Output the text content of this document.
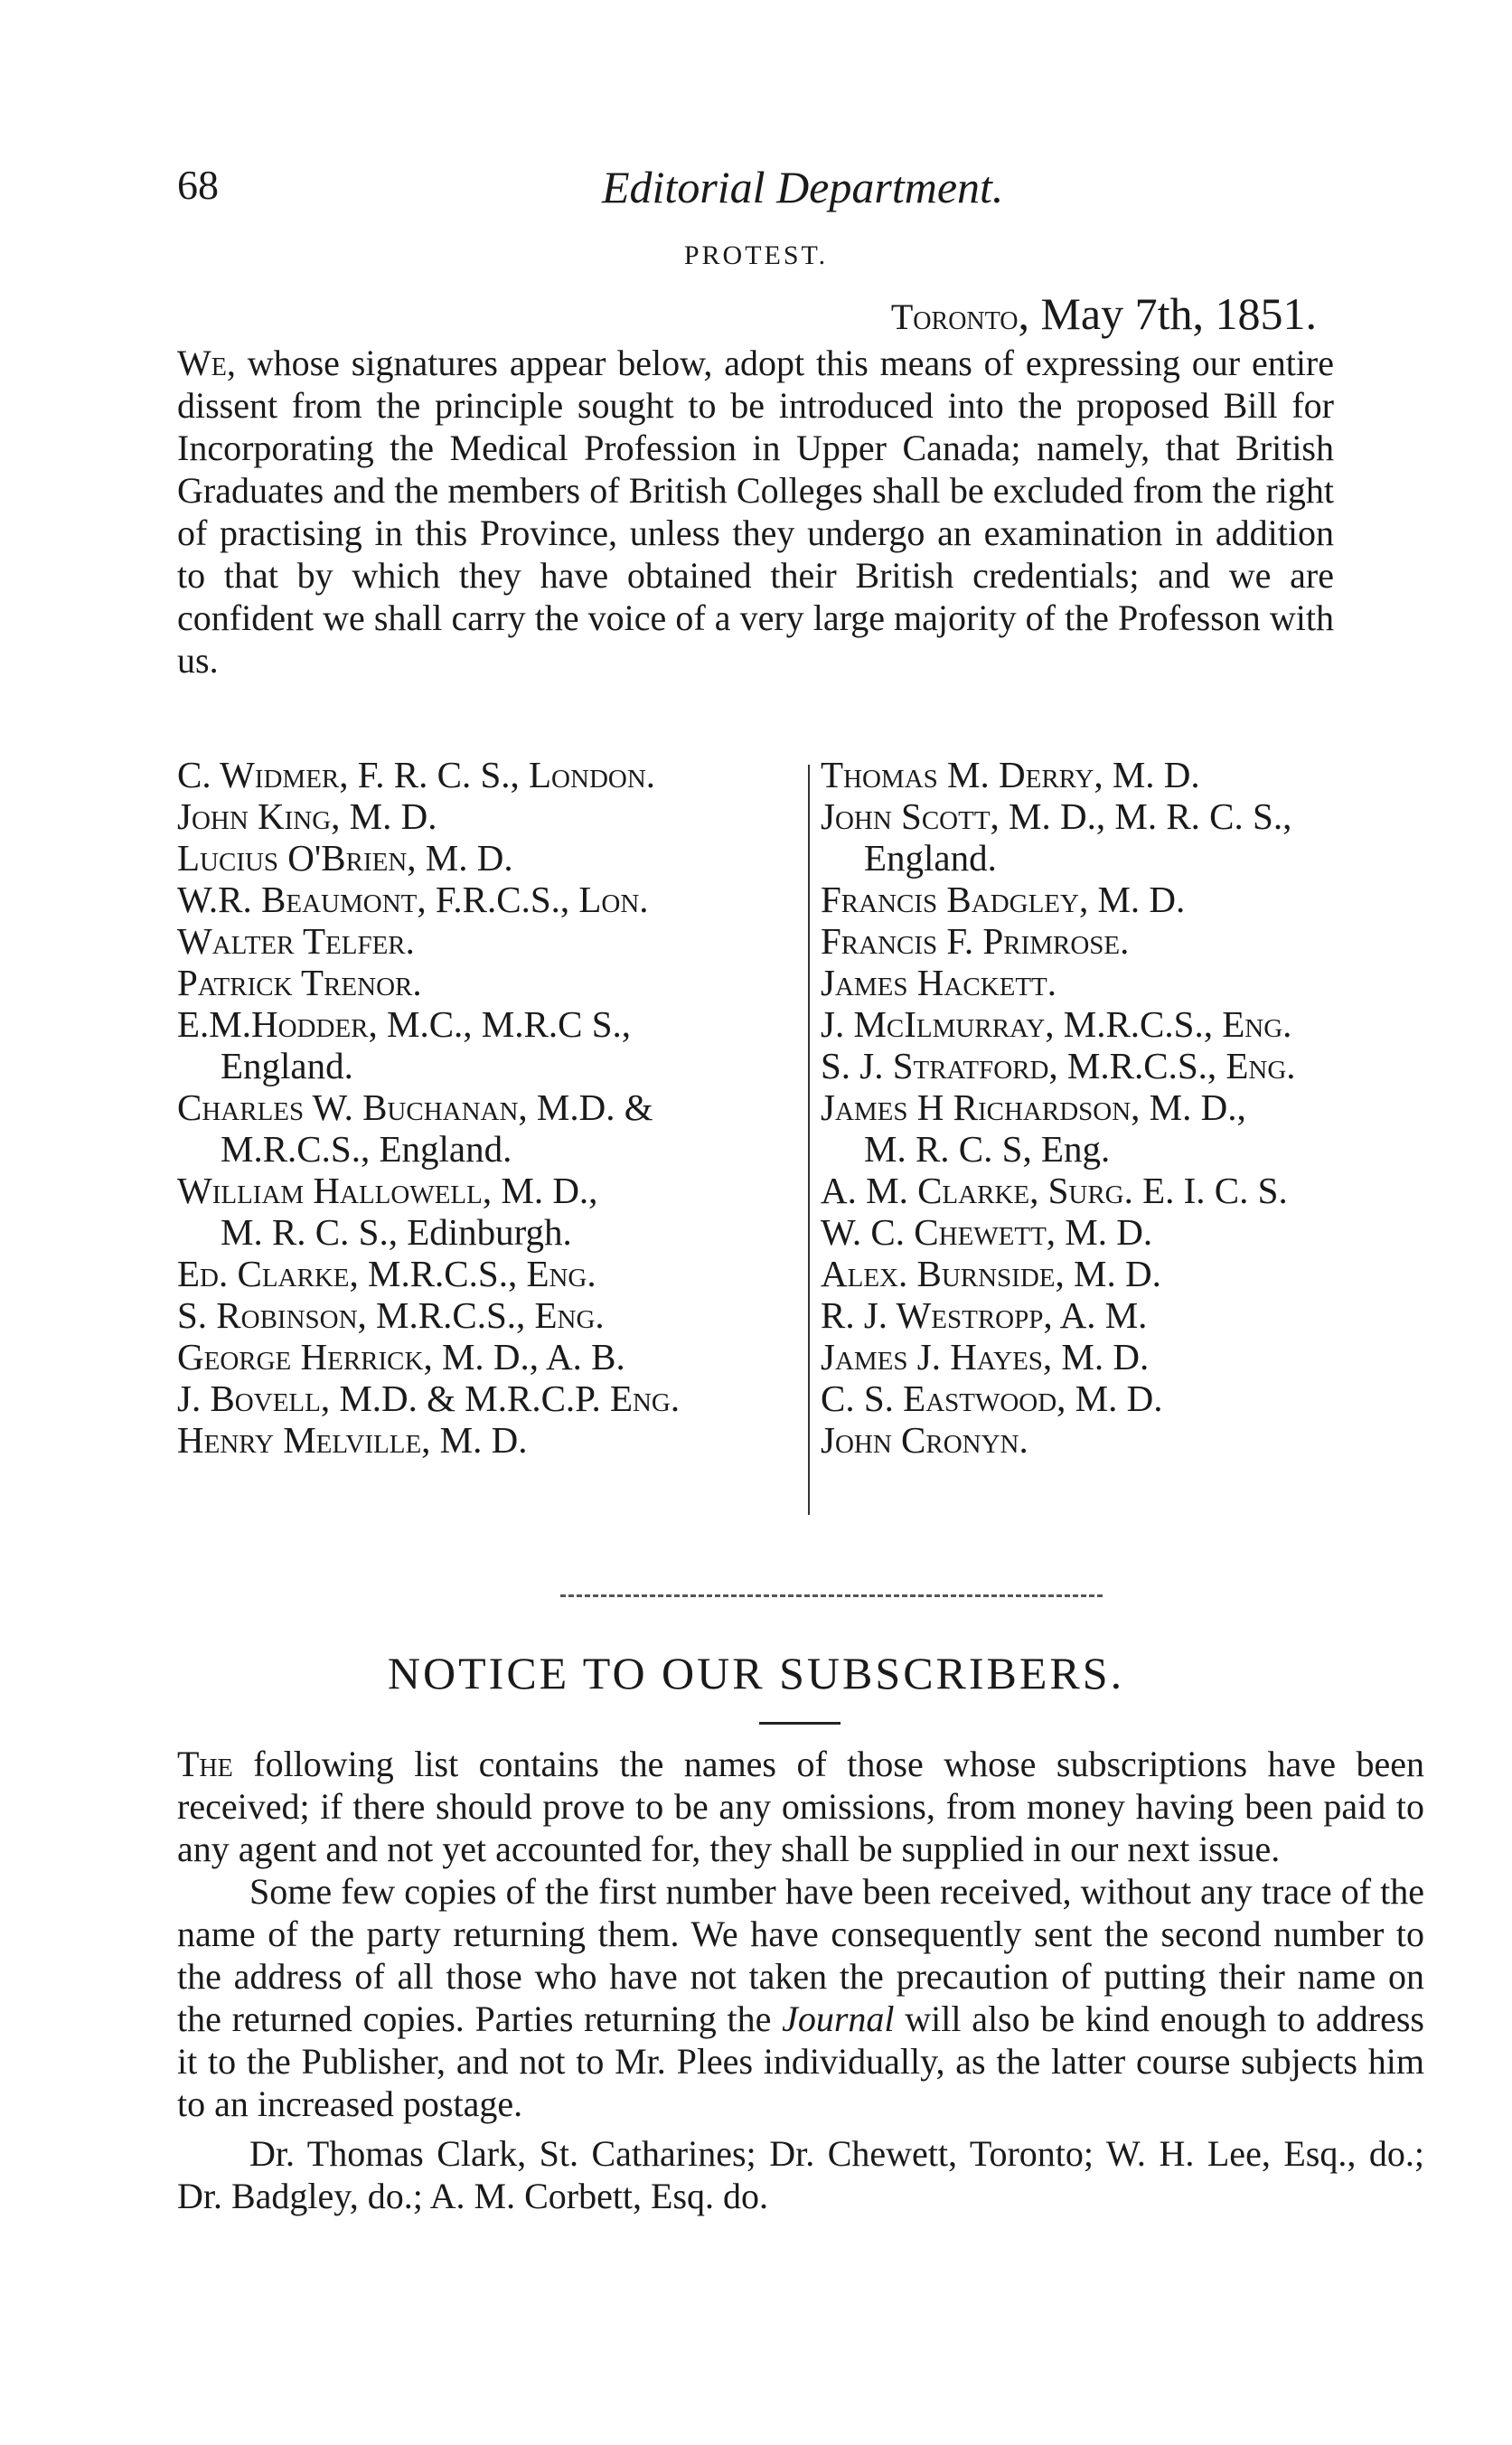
68	Editorial Department.
PROTEST.
Toronto, May 7th, 1851.
We, whose signatures appear below, adopt this means of expressing our entire dissent from the principle sought to be introduced into the proposed Bill for Incorporating the Medical Profession in Upper Canada; namely, that British Graduates and the members of British Colleges shall be excluded from the right of practising in this Province, unless they undergo an examination in addition to that by which they have obtained their British credentials; and we are confident we shall carry the voice of a very large majority of the Professon with us.
C. Widmer, F. R. C. S., London.
John King, M. D.
Lucius O'Brien, M. D.
W.R. Beaumont, F.R.C.S., Lon.
Walter Telfer.
Patrick Trenor.
E.M.Hodder, M.C., M.R.C S.,
England.
Charles W. Buchanan, M.D. &
M.R.C.S., England.
William Hallowell, M. D.,
M. R. C. S., Edinburgh.
Ed. Clarke, M.R.C.S., Eng.
S. Robinson, M.R.C.S., Eng.
George Herrick, M. D., A. B.
J. Bovell, M.D. & M.R.C.P. Eng.
Henry Melville, M. D.
Thomas M. Derry, M. D.
John Scott, M. D., M. R. C. S.,
England.
Francis Badgley, M. D.
Francis F. Primrose.
James Hackett.
J. McIlmurray, M.R.C.S., Eng.
S. J. Stratford, M.R.C.S., Eng.
James H Richardson, M. D.,
M. R. C. S, Eng.
A. M. Clarke, Surg. E. I. C. S.
W. C. Chewett, M. D.
Alex. Burnside, M. D.
R. J. Westropp, A. M.
James J. Hayes, M. D.
C. S. Eastwood, M. D.
John Cronyn.
NOTICE TO OUR SUBSCRIBERS.

The following list contains the names of those whose subscriptions have been received; if there should prove to be any omissions, from money having been paid to any agent and not yet accounted for, they shall be supplied in our next issue.

Some few copies of the first number have been received, without any trace of the name of the party returning them. We have consequently sent the second number to the address of all those who have not taken the precaution of putting their name on the returned copies. Parties returning the Journal will also be kind enough to address it to the Publisher, and not to Mr. Plees individually, as the latter course subjects him to an increased postage.

Dr. Thomas Clark, St. Catharines; Dr. Chewett, Toronto; W. H. Lee, Esq., do.; Dr. Badgley, do.; A. M. Corbett, Esq. do.
